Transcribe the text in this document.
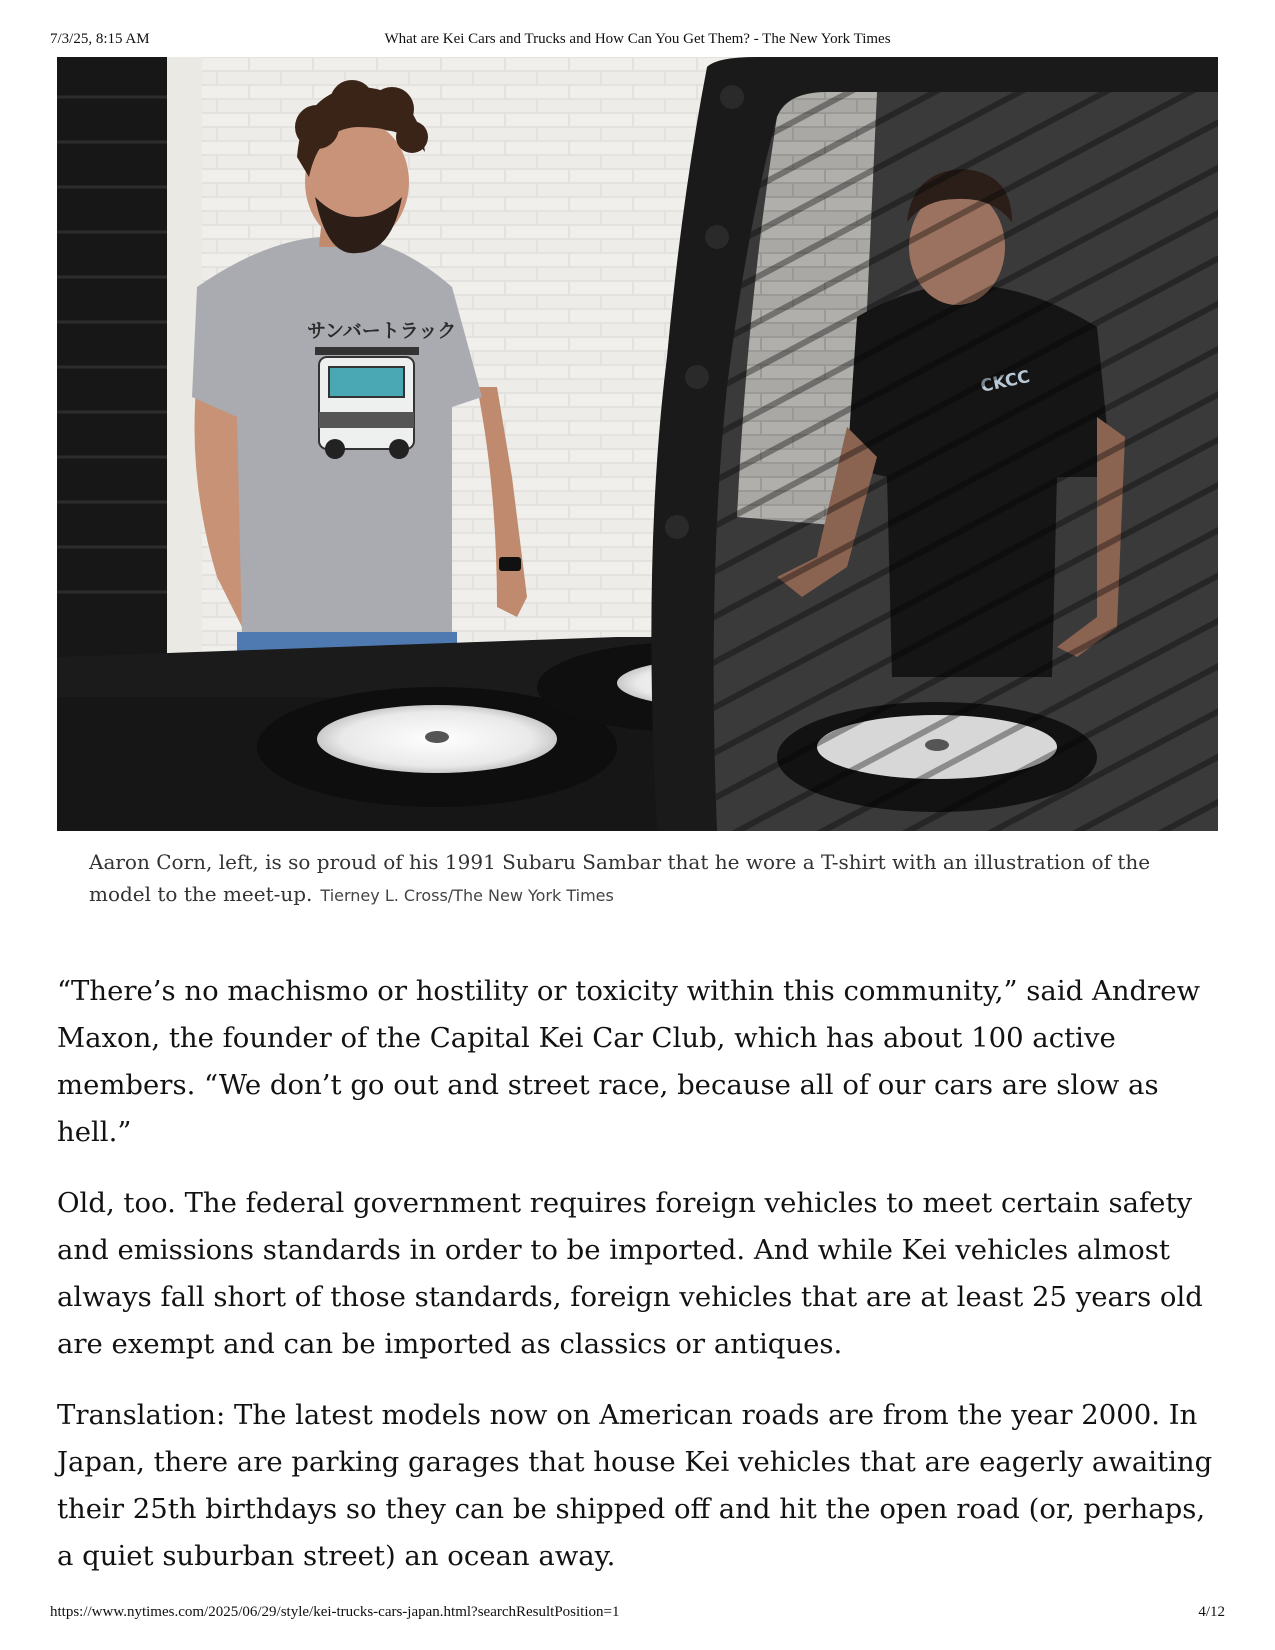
7/3/25, 8:15 AM	What are Kei Cars and Trucks and How Can You Get Them? - The New York Times
サンバートラック
Aaron Corn, left, is so proud of his 1991 Subaru Sambar that he wore a T-shirt with an illustration of the model to the meet-up. Tierney L. Cross/The New York Times

“There’s no machismo or hostility or toxicity within this community,” said Andrew Maxon, the founder of the Capital Kei Car Club, which has about 100 active members. “We don’t go out and street race, because all of our cars are slow as hell.”

Old, too. The federal government requires foreign vehicles to meet certain safety and emissions standards in order to be imported. And while Kei vehicles almost always fall short of those standards, foreign vehicles that are at least 25 years old are exempt and can be imported as classics or antiques.

Translation: The latest models now on American roads are from the year 2000. In Japan, there are parking garages that house Kei vehicles that are eagerly awaiting their 25th birthdays so they can be shipped off and hit the open road (or, perhaps, a quiet suburban street) an ocean away.

https://www.nytimes.com/2025/06/29/style/kei-trucks-cars-japan.html?searchResultPosition=1	4/12
